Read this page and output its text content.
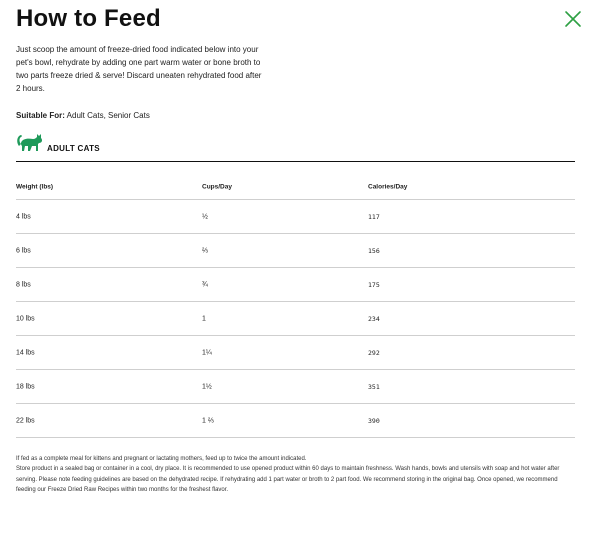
How to Feed
Just scoop the amount of freeze-dried food indicated below into your pet's bowl, rehydrate by adding one part warm water or bone broth to two parts freeze dried & serve! Discard uneaten rehydrated food after 2 hours.
Suitable For: Adult Cats, Senior Cats
ADULT CATS
Weight (lbs)	Cups/Day	Calories/Day
4 lbs	½	117
6 lbs	⅔	156
8 lbs	¾	175
10 lbs	1	234
14 lbs	1¼	292
18 lbs	1½	351
22 lbs	1 ⅔	390

If fed as a complete meal for kittens and pregnant or lactating mothers, feed up to twice the amount indicated.

Store product in a sealed bag or container in a cool, dry place. It is recommended to use opened product within 60 days to maintain freshness. Wash hands, bowls and utensils with soap and hot water after serving. Please note feeding guidelines are based on the dehydrated recipe. If rehydrating add 1 part water or broth to 2 part food. We recommend storing in the original bag. Once opened, we recommend feeding our Freeze Dried Raw Recipes within two months for the freshest flavor.
